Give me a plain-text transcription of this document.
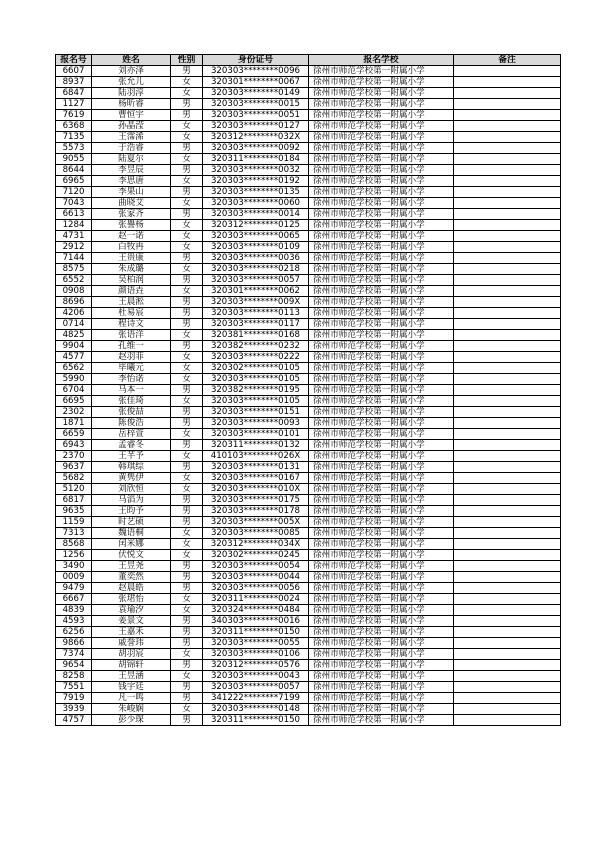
报名号	姓名	性别	身份证号	报名学校	备注
6607	刘亦泽	男	320303********0096	徐州市师范学校第一附属小学	
8937	张允儿	女	320301********0067	徐州市师范学校第一附属小学	
6847	陆羽淳	女	320303********0149	徐州市师范学校第一附属小学	
1127	杨昕睿	男	320303********0015	徐州市师范学校第一附属小学	
7619	曹恒宇	男	320303********0051	徐州市师范学校第一附属小学	
6368	孙晶滢	女	320303********0127	徐州市师范学校第一附属小学	
7135	王霈浠	女	320312********032X	徐州市师范学校第一附属小学	
5573	于浩睿	男	320303********0092	徐州市师范学校第一附属小学	
9055	陆夏尔	女	320311********0184	徐州市师范学校第一附属小学	
8644	李昱辰	男	320303********0032	徐州市师范学校第一附属小学	
6965	李思唐	女	320303********0192	徐州市师范学校第一附属小学	
7120	李果山	男	320303********0135	徐州市师范学校第一附属小学	
7043	曲晓艾	女	320303********0060	徐州市师范学校第一附属小学	
6613	张家齐	男	320303********0014	徐州市师范学校第一附属小学	
1284	张譽杨	女	320312********0125	徐州市师范学校第一附属小学	
4731	赵一诺	女	320303********0065	徐州市师范学校第一附属小学	
2912	白牧冉	女	320303********0109	徐州市师范学校第一附属小学	
7144	王贵康	男	320303********0036	徐州市师范学校第一附属小学	
8575	朱成璐	女	320303********0218	徐州市师范学校第一附属小学	
6552	吴柏润	男	320303********0057	徐州市师范学校第一附属小学	
0908	颜语垚	女	320301********0062	徐州市师范学校第一附属小学	
8696	王晨淞	男	320303********009X	徐州市师范学校第一附属小学	
4206	杜易宸	男	320303********0113	徐州市师范学校第一附属小学	
0714	程诗文	男	320303********0117	徐州市师范学校第一附属小学	
4825	张语洋	女	320381********0168	徐州市师范学校第一附属小学	
9904	孔维一	男	320382********0232	徐州市师范学校第一附属小学	
4577	赵羽菲	女	320303********0222	徐州市师范学校第一附属小学	
6562	毕曦元	女	320302********0105	徐州市师范学校第一附属小学	
5990	李怡诺	女	320303********0105	徐州市师范学校第一附属小学	
6704	马本一	男	320382********0195	徐州市师范学校第一附属小学	
6695	张佳琦	女	320303********0105	徐州市师范学校第一附属小学	
2302	张俊喆	男	320303********0151	徐州市师范学校第一附属小学	
1871	陈俊浩	男	320303********0093	徐州市师范学校第一附属小学	
6659	岳梓萱	女	320303********0101	徐州市师范学校第一附属小学	
6943	孟睿冬	男	320311********0132	徐州市师范学校第一附属小学	
2370	王芊予	女	410103********026X	徐州市师范学校第一附属小学	
9637	韩琪综	男	320303********0131	徐州市师范学校第一附属小学	
5682	黄隽伊	女	320303********0167	徐州市师范学校第一附属小学	
5120	刘欣恒	女	320303********010X	徐州市师范学校第一附属小学	
6817	马滔为	男	320303********0175	徐州市师范学校第一附属小学	
9635	王昀予	男	320303********0178	徐州市师范学校第一附属小学	
1159	时艺硕	男	320303********005X	徐州市师范学校第一附属小学	
7313	魏语桐	女	320303********0085	徐州市师范学校第一附属小学	
8568	闰米娜	女	320312********034X	徐州市师范学校第一附属小学	
1256	伏悦文	女	320302********0245	徐州市师范学校第一附属小学	
3490	王昱尧	男	320303********0054	徐州市师范学校第一附属小学	
0009	董奕然	男	320303********0044	徐州市师范学校第一附属小学	
9479	赵晨皓	男	320303********0056	徐州市师范学校第一附属小学	
6667	张珺怡	女	320311********0024	徐州市师范学校第一附属小学	
4839	袁瑜汐	女	320324********0484	徐州市师范学校第一附属小学	
4593	姜景文	男	340303********0016	徐州市师范学校第一附属小学	
6256	王嘉禾	男	320311********0150	徐州市师范学校第一附属小学	
9866	戚誉玮	男	320303********0055	徐州市师范学校第一附属小学	
7374	胡羽宸	女	320303********0106	徐州市师范学校第一附属小学	
9654	胡锦轩	男	320312********0576	徐州市师范学校第一附属小学	
8258	王昱涵	女	320303********0043	徐州市师范学校第一附属小学	
7551	钱宇廷	男	320303********0057	徐州市师范学校第一附属小学	
7919	凡一鸣	男	341222********7199	徐州市师范学校第一附属小学	
3939	朱峻娴	女	320303********0148	徐州市师范学校第一附属小学	
4757	彭少琛	男	320311********0150	徐州市师范学校第一附属小学	
